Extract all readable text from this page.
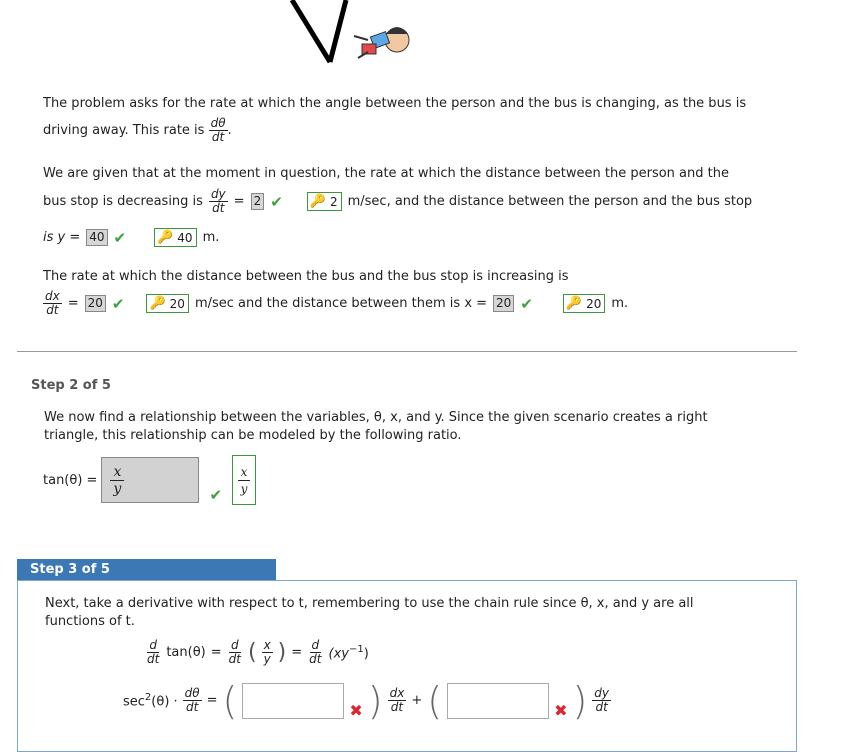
The problem asks for the rate at which the angle between the person and the bus is changing, as the bus is
driving away. This rate is $\frac{d\theta}{dt}$ .
We are given that at the moment in question, the rate at which the distance between the person and the
bus stop is decreasing is $\frac{dy}{dt} = 2$ ✔ 🔑 2 m/sec, and the distance between the person and the bus stop
is y = 40 ✔ 🔑 40 m.
The rate at which the distance between the bus and the bus stop is increasing is
$\frac{dx}{dt} = 20$ ✔ 🔑 20 m/sec and the distance between them is x = 20 ✔	🔑 20 m.
Step 2 of 5
We now find a relationship between the variables, θ, x, and y. Since the given scenario creates a right
triangle, this relationship can be modeled by the following ratio.
tan(θ) =
x
y	✔
x
y
Step 3 of 5
Next, take a derivative with respect to t, remembering to use the chain rule since θ, x, and y are all
functions of t.
$\frac{d}{dt} \tan(\theta) = \frac{d}{dt}$ ( $\frac{x}{y}$ ) = $\frac{d}{dt} (xy^{-1})$
$\sec^2(\theta) \cdot \frac{d\theta}{dt}$ = (	✖ ) $\frac{dx}{dt}$ + (	✖ ) $\frac{dy}{dt}$
